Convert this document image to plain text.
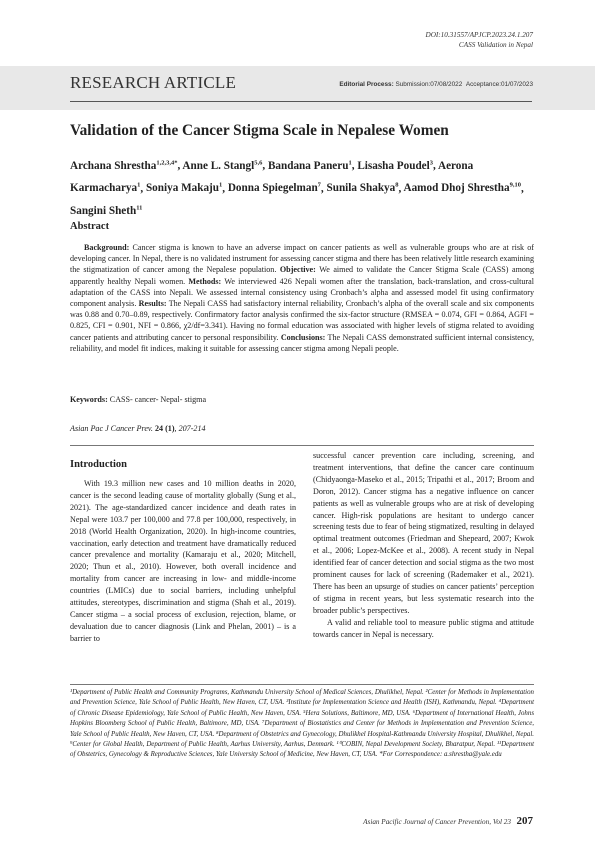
DOI:10.31557/APJCP.2023.24.1.207
CASS Validation in Nepal
RESEARCH ARTICLE	Editorial Process: Submission:07/08/2022 Acceptance:01/07/2023
Validation of the Cancer Stigma Scale in Nepalese Women
Archana Shrestha$^{1,2,3,4*}$, Anne L. Stangl$^{5,6}$, Bandana Paneru$^1$, Lisasha Poudel$^3$, Aerona Karmacharya$^1$, Soniya Makaju$^1$, Donna Spiegelman$^7$, Sunila Shakya$^8$, Aamod Dhoj Shrestha$^{9,10}$, Sangini Sheth$^{11}$
Abstract
Background: Cancer stigma is known to have an adverse impact on cancer patients as well as vulnerable groups who are at risk of developing cancer. In Nepal, there is no validated instrument for assessing cancer stigma and there has been relatively little research examining the stigmatization of cancer among the Nepalese population. Objective: We aimed to validate the Cancer Stigma Scale (CASS) among apparently healthy Nepali women. Methods: We interviewed 426 Nepali women after the translation, back-translation, and cross-cultural adaptation of the CASS into Nepali. We assessed internal consistency using Cronbach’s alpha and assessed model fit using confirmatory component analysis. Results: The Nepali CASS had satisfactory internal reliability, Cronbach’s alpha of the overall scale and six components was 0.88 and 0.70–0.89, respectively. Confirmatory factor analysis confirmed the six-factor structure (RMSEA = 0.074, GFI = 0.864, AGFI = 0.825, CFI = 0.901, NFI = 0.866, χ2/df=3.341). Having no formal education was associated with higher levels of stigma related to avoiding cancer patients and attributing cancer to personal responsibility. Conclusions: The Nepali CASS demonstrated sufficient internal consistency, reliability, and model fit indices, making it suitable for assessing cancer stigma among Nepali people.
Keywords: CASS- cancer- Nepal- stigma
Asian Pac J Cancer Prev. 24 (1), 207-214
Introduction
With 19.3 million new cases and 10 million deaths in 2020, cancer is the second leading cause of mortality globally (Sung et al., 2021). The age-standardized cancer incidence and death rates in Nepal were 103.7 per 100,000 and 77.8 per 100,000, respectively, in 2018 (World Health Organization, 2020). In high-income countries, vaccination, early detection and treatment have dramatically reduced cancer prevalence and mortality (Kamaraju et al., 2020; Mitchell, 2020; Thun et al., 2010). However, both overall incidence and mortality from cancer are increasing in low- and middle-income countries (LMICs) due to social barriers, including unhelpful attitudes, stereotypes, discrimination and stigma (Shah et al., 2019). Cancer stigma – a social process of exclusion, rejection, blame, or devaluation due to cancer diagnosis (Link and Phelan, 2001) – is a barrier to

successful cancer prevention care including, screening, and treatment interventions, that define the cancer care continuum (Chidyaonga-Maseko et al., 2015; Tripathi et al., 2017; Broom and Doron, 2012). Cancer stigma has a negative influence on cancer patients as well as vulnerable groups who are at risk of developing cancer. High-risk populations are hesitant to undergo cancer screening tests due to fear of being stigmatized, resulting in delayed optimal treatment outcomes (Friedman and Shepeard, 2007; Kwok et al., 2006; Lopez-McKee et al., 2008). A recent study in Nepal identified fear of cancer detection and social stigma as the two most prominent causes for lack of screening (Rademaker et al., 2021). There has been an upsurge of studies on cancer patients’ perception of stigma in recent years, but less systematic research into the broader public’s perspectives.

A valid and reliable tool to measure public stigma and attitude towards cancer in Nepal is necessary.

¹Department of Public Health and Community Programs, Kathmandu University School of Medical Sciences, Dhulikhel, Nepal. ²Center for Methods in Implementation and Prevention Science, Yale School of Public Health, New Haven, CT, USA. ³Institute for Implementation Science and Health (ISH), Kathmandu, Nepal. ⁴Department of Chronic Disease Epidemiology, Yale School of Public Health, New Haven, USA. ⁵Hera Solutions, Baltimore, MD, USA. ⁶Department of International Health, Johns Hopkins Bloomberg School of Public Health, Baltimore, MD, USA. ⁷Department of Biostatistics and Center for Methods in Implementation and Prevention Science, Yale School of Public Health, New Haven, CT, USA. ⁸Department of Obstetrics and Gynecology, Dhulikhel Hospital-Kathmandu University Hospital, Dhulikhel, Nepal. ⁹Center for Global Health, Department of Public Health, Aarhus University, Aarhus, Denmark. ¹⁰COBIN, Nepal Development Society, Bharatpur, Nepal. ¹¹Department of Obstetrics, Gynecology & Reproductive Sciences, Yale University School of Medicine, New Haven, CT, USA. *For Correspondence: a.shrestha@yale.edu
Asian Pacific Journal of Cancer Prevention, Vol 23 207
